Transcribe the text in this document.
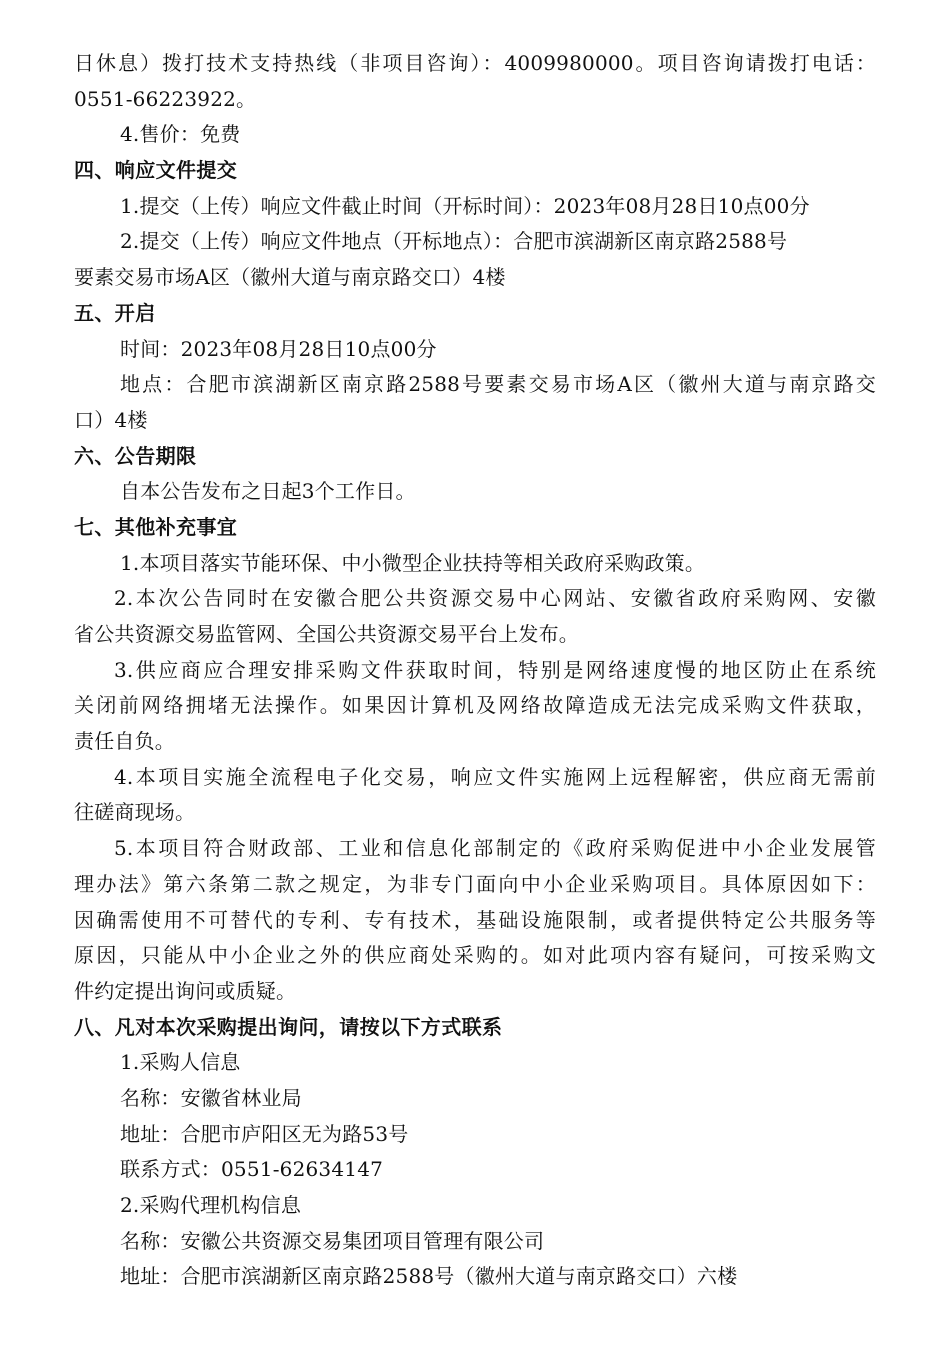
日休息）拨打技术支持热线（非项目咨询）：4009980000。项目咨询请拨打电话：
0551-66223922。
4.售价：免费
四、响应文件提交
1.提交（上传）响应文件截止时间（开标时间）：2023年08月28日10点00分
2.提交（上传）响应文件地点（开标地点）：合肥市滨湖新区南京路2588号
要素交易市场A区（徽州大道与南京路交口）4楼
五、开启
时间：2023年08月28日10点00分
地点：合肥市滨湖新区南京路2588号要素交易市场A区（徽州大道与南京路交
口）4楼
六、公告期限
自本公告发布之日起3个工作日。
七、其他补充事宜
1.本项目落实节能环保、中小微型企业扶持等相关政府采购政策。
2.本次公告同时在安徽合肥公共资源交易中心网站、安徽省政府采购网、安徽
省公共资源交易监管网、全国公共资源交易平台上发布。
3.供应商应合理安排采购文件获取时间，特别是网络速度慢的地区防止在系统
关闭前网络拥堵无法操作。如果因计算机及网络故障造成无法完成采购文件获取，
责任自负。
4.本项目实施全流程电子化交易，响应文件实施网上远程解密，供应商无需前
往磋商现场。
5.本项目符合财政部、工业和信息化部制定的《政府采购促进中小企业发展管
理办法》第六条第二款之规定，为非专门面向中小企业采购项目。具体原因如下：
因确需使用不可替代的专利、专有技术，基础设施限制，或者提供特定公共服务等
原因，只能从中小企业之外的供应商处采购的。如对此项内容有疑问，可按采购文
件约定提出询问或质疑。
八、凡对本次采购提出询问，请按以下方式联系
1.采购人信息
名称：安徽省林业局
地址：合肥市庐阳区无为路53号
联系方式：0551-62634147
2.采购代理机构信息
名称：安徽公共资源交易集团项目管理有限公司
地址：合肥市滨湖新区南京路2588号（徽州大道与南京路交口）六楼
